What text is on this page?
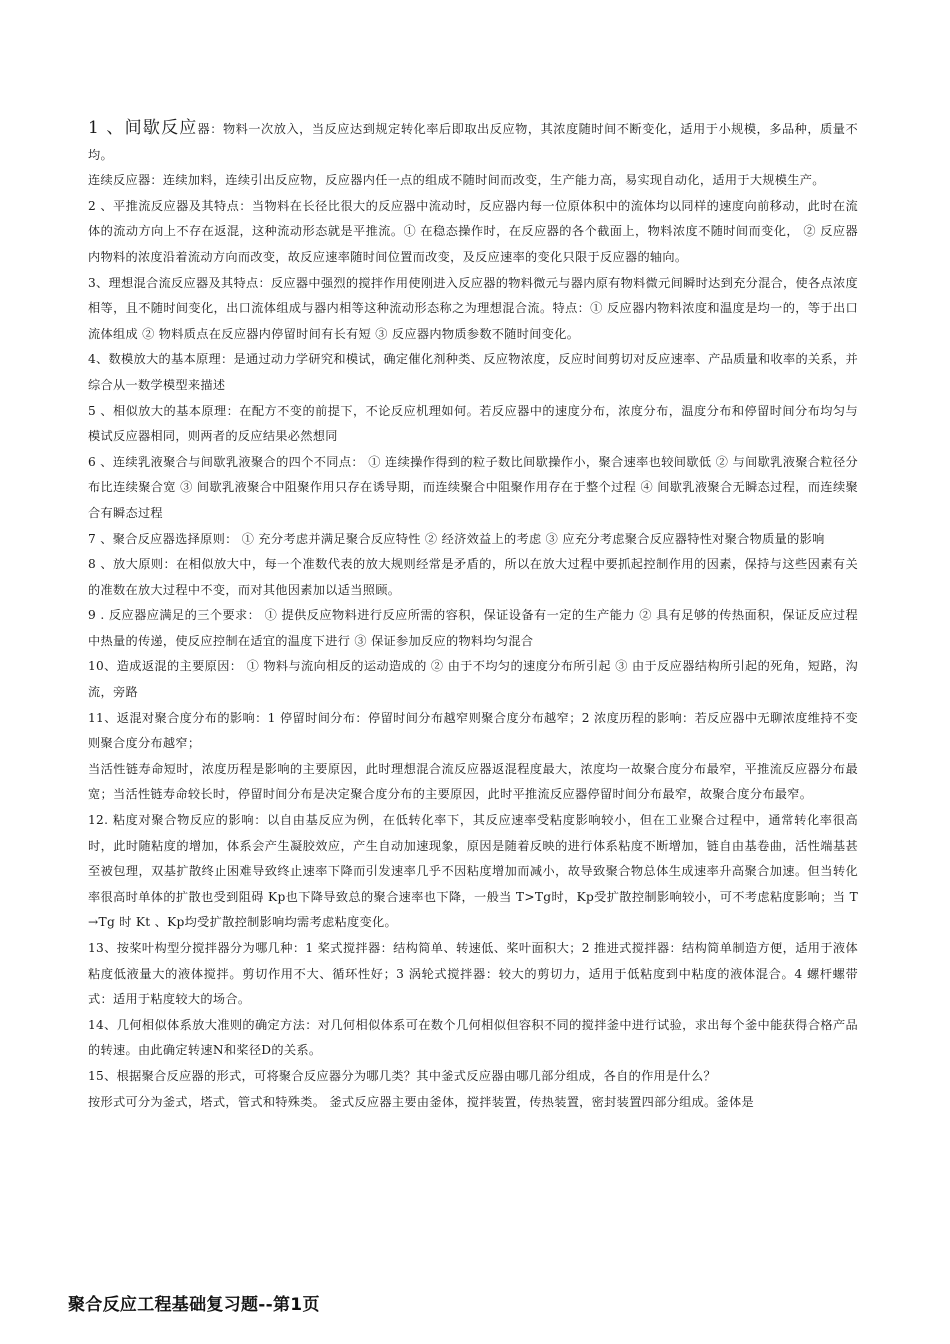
1 、间歇反应器：物料一次放入，当反应达到规定转化率后即取出反应物，其浓度随时间不断变化，适用于小规模，多品种，质量不均。

连续反应器：连续加料，连续引出反应物，反应器内任一点的组成不随时间而改变，生产能力高，易实现自动化，适用于大规模生产。

2 、平推流反应器及其特点：当物料在长径比很大的反应器中流动时，反应器内每一位原体积中的流体均以同样的速度向前移动，此时在流体的流动方向上不存在返混，这种流动形态就是平推流。① 在稳态操作时，在反应器的各个截面上，物料浓度不随时间而变化， ② 反应器内物料的浓度沿着流动方向而改变，故反应速率随时间位置而改变，及反应速率的变化只限于反应器的轴向。

3、理想混合流反应器及其特点：反应器中强烈的搅拌作用使刚进入反应器的物料微元与器内原有物料微元间瞬时达到充分混合，使各点浓度相等，且不随时间变化，出口流体组成与器内相等这种流动形态称之为理想混合流。特点：① 反应器内物料浓度和温度是均一的，等于出口流体组成 ② 物料质点在反应器内停留时间有长有短 ③ 反应器内物质参数不随时间变化。

4、数模放大的基本原理：是通过动力学研究和模试，确定催化剂种类、反应物浓度，反应时间剪切对反应速率、产品质量和收率的关系，并综合从一数学模型来描述

5 、相似放大的基本原理：在配方不变的前提下，不论反应机理如何。若反应器中的速度分布，浓度分布，温度分布和停留时间分布均匀与模试反应器相同，则两者的反应结果必然想同

6 、连续乳液聚合与间歇乳液聚合的四个不同点： ① 连续操作得到的粒子数比间歇操作小，聚合速率也较间歇低 ② 与间歇乳液聚合粒径分布比连续聚合宽 ③ 间歇乳液聚合中阻聚作用只存在诱导期，而连续聚合中阻聚作用存在于整个过程 ④ 间歇乳液聚合无瞬态过程，而连续聚合有瞬态过程

7 、聚合反应器选择原则： ① 充分考虑并满足聚合反应特性 ② 经济效益上的考虑 ③ 应充分考虑聚合反应器特性对聚合物质量的影响

8 、放大原则：在相似放大中，每一个准数代表的放大规则经常是矛盾的，所以在放大过程中要抓起控制作用的因素，保持与这些因素有关的准数在放大过程中不变，而对其他因素加以适当照顾。

9 . 反应器应满足的三个要求： ① 提供反应物料进行反应所需的容积，保证设备有一定的生产能力 ② 具有足够的传热面积，保证反应过程中热量的传递，使反应控制在适宜的温度下进行 ③ 保证参加反应的物料均匀混合

10、造成返混的主要原因： ① 物料与流向相反的运动造成的 ② 由于不均匀的速度分布所引起 ③ 由于反应器结构所引起的死角，短路，沟流，旁路

11、返混对聚合度分布的影响：1 停留时间分布：停留时间分布越窄则聚合度分布越窄；2 浓度历程的影响：若反应器中无聊浓度维持不变则聚合度分布越窄；

当活性链寿命短时，浓度历程是影响的主要原因，此时理想混合流反应器返混程度最大，浓度均一故聚合度分布最窄，平推流反应器分布最宽；当活性链寿命较长时，停留时间分布是决定聚合度分布的主要原因，此时平推流反应器停留时间分布最窄，故聚合度分布最窄。

12. 粘度对聚合物反应的影响：以自由基反应为例，在低转化率下，其反应速率受粘度影响较小，但在工业聚合过程中，通常转化率很高时，此时随粘度的增加，体系会产生凝胶效应，产生自动加速现象，原因是随着反映的进行体系粘度不断增加，链自由基卷曲，活性端基甚至被包理，双基扩散终止困难导致终止速率下降而引发速率几乎不因粘度增加而减小，故导致聚合物总体生成速率升高聚合加速。但当转化率很高时单体的扩散也受到阻碍 Kp也下降导致总的聚合速率也下降，一般当 T>Tg时，Kp受扩散控制影响较小，可不考虑粘度影响；当 T→Tg 时 Kt 、Kp均受扩散控制影响均需考虑粘度变化。

13、按桨叶构型分搅拌器分为哪几种：1 桨式搅拌器：结构简单、转速低、桨叶面积大；2 推进式搅拌器：结构简单制造方便，适用于液体粘度低液量大的液体搅拌。剪切作用不大、循环性好；3 涡轮式搅拌器：较大的剪切力，适用于低粘度到中粘度的液体混合。4 螺杆螺带式：适用于粘度较大的场合。

14、几何相似体系放大准则的确定方法：对几何相似体系可在数个几何相似但容积不同的搅拌釜中进行试验，求出每个釜中能获得合格产品的转速。由此确定转速N和桨径D的关系。

15、根据聚合反应器的形式，可将聚合反应器分为哪几类？其中釜式反应器由哪几部分组成，各自的作用是什么？

按形式可分为釜式，塔式，管式和特殊类。 釜式反应器主要由釜体，搅拌装置，传热装置，密封装置四部分组成。釜体是

聚合反应工程基础复习题--第1页
